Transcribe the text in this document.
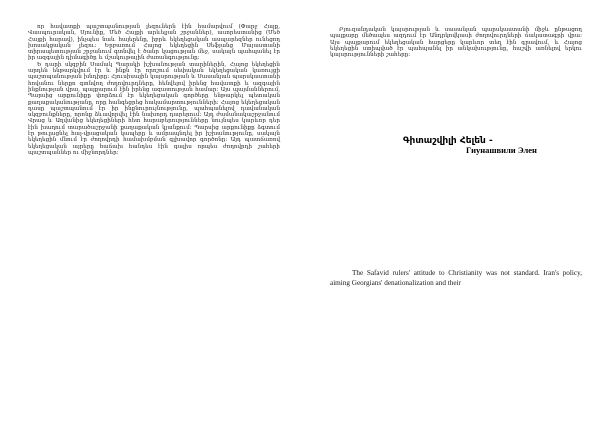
որ հավատքի պաշտպանության լեզուներն էին համարվում (Փարջ Հայք, Վասպուրական, Սյունիք, Մեծ Հայքի արևելյան շրջաններ), ասորեստանից (Մեծ Հայքի հարավ), ինչպես նաև հայերենը, իբրև եկեղեցական ասպարեզներ ունեցող խոսակցական լեզու։ Երբառում Հայոց եկեղեցին Սեֆյանց Մայաստանի տիրապետության շրջանում գտնվել է ծանր կացության մեջ, սակայն պահպանել էր իր ազգային դիմագիծը և մշակութային ժառանգությունը։

Ե դարի սկզբին Սամակ Պարսկի իշխանության տարիներին, Հայոց եկեղեցին արդեն ենթարկվում էր և ինքն էր որոշում սեփական եկեղեցական կառույցի պաշտպանության խնդիրը։ Հյուսիսային կայսրության և Սասանյան պարսկաստանի հովանու ներքո գտնվող ժողովուրդները, հենվելով իրենց հավատքի և ազգային ինքնության վրա, պայքարում էին իրենց ազատության համար։ Այս պայմաններում, Պարսից արքունիքը փորձում էր եկեղեցական գործերը ենթարկել պետական քաղաքականությանը, որը հանգեցրեց հակամարտությունների։ Հայոց եկեղեցական դասը պաշտպանում էր իր ինքնուրույնությունը, պահպանելով դավանական սկզբունքները, որոնք ձևավորվել էին նախորդ դարերում։ Այդ ժամանակաշրջանում Վրաց և Աղվանից եկեղեցիների հետ հարաբերությունները նույնպես կարևոր դեր էին խաղում տարածաշրջանի քաղաքական կյանքում։ Պարսից արքունիքը ձգտում էր թուլացնել հայ-վրացական կապերը և ամրապնդել իր իշխանությունը, սակայն եկեղեցին մնում էր ժողովրդի համախմբման գլխավոր գործոնը։ Այդ պատճառով եկեղեցական այրերը հաճախ հանդես էին գալիս որպես ժողովրդի շահերի պաշտպաններ ու միջնորդներ։

Բյուզանդական կայսրության և սասանյան պարսկաստանի միջև ընթացող պայքարը մեծապես ազդում էր Անդրկովկասի ժողովուրդների ճակատագրի վրա։ Այս պայքարում եկեղեցական հարցերը կարևոր տեղ էին գրավում, և Հայոց եկեղեցին ստիպված էր պահպանել իր անկախությունը, հաշվի առնելով երկու կայսրությունների շահերը։

Գիտաշվիլի Հելեն -
Гиунашвили Элен

The Safavid rulers' attitude to Christianity was not standard. Iran's policy, aiming Georgians' denationalization and their
